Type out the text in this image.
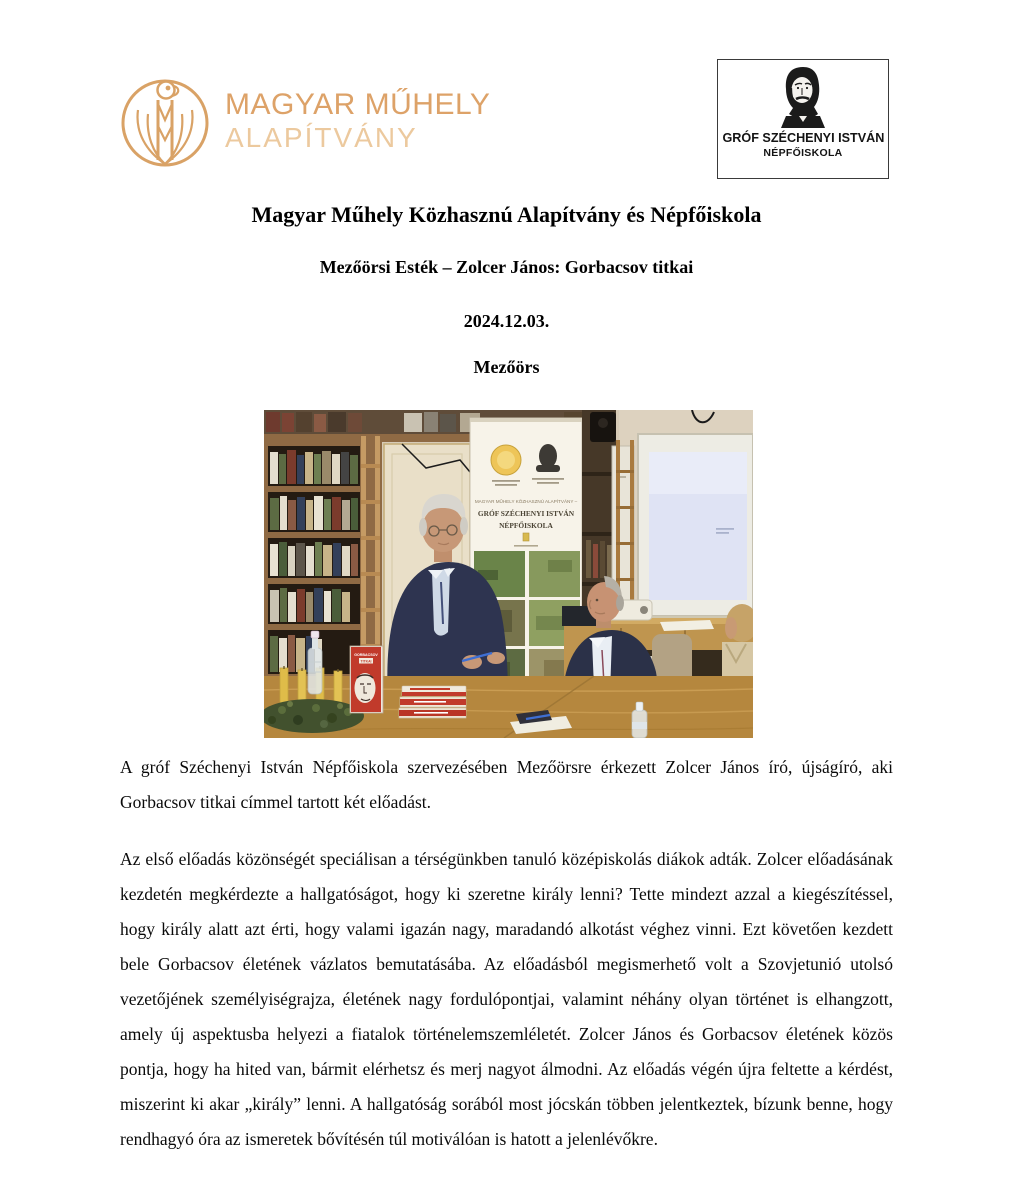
MAGYAR MŰHELY
ALAPÍTVÁNY	GRÓF SZÉCHENYI ISTVÁN
NÉPFŐISKOLA
Magyar Műhely Közhasznú Alapítvány és Népfőiskola
Mezőörsi Esték – Zolcer János: Gorbacsov titkai
2024.12.03.
Mezőörs
MAGYAR MŰHELY KÖZHASZNÚ ALAPÍTVÁNY –
GRÓF SZÉCHENYI ISTVÁN
NÉPFŐISKOLA
GORBACSOV
TITKAI

A gróf Széchenyi István Népfőiskola szervezésében Mezőörsre érkezett Zolcer János író, újságíró, aki Gorbacsov titkai címmel tartott két előadást.

Az első előadás közönségét speciálisan a térségünkben tanuló középiskolás diákok adták. Zolcer előadásának kezdetén megkérdezte a hallgatóságot, hogy ki szeretne király lenni? Tette mindezt azzal a kiegészítéssel, hogy király alatt azt érti, hogy valami igazán nagy, maradandó alkotást véghez vinni. Ezt követően kezdett bele Gorbacsov életének vázlatos bemutatásába. Az előadásból megismerhető volt a Szovjetunió utolsó vezetőjének személyiségrajza, életének nagy fordulópontjai, valamint néhány olyan történet is elhangzott, amely új aspektusba helyezi a fiatalok történelemszemléletét. Zolcer János és Gorbacsov életének közös pontja, hogy ha hited van, bármit elérhetsz és merj nagyot álmodni. Az előadás végén újra feltette a kérdést, miszerint ki akar „király” lenni. A hallgatóság sorából most jócskán többen jelentkeztek, bízunk benne, hogy rendhagyó óra az ismeretek bővítésén túl motiválóan is hatott a jelenlévőkre.
